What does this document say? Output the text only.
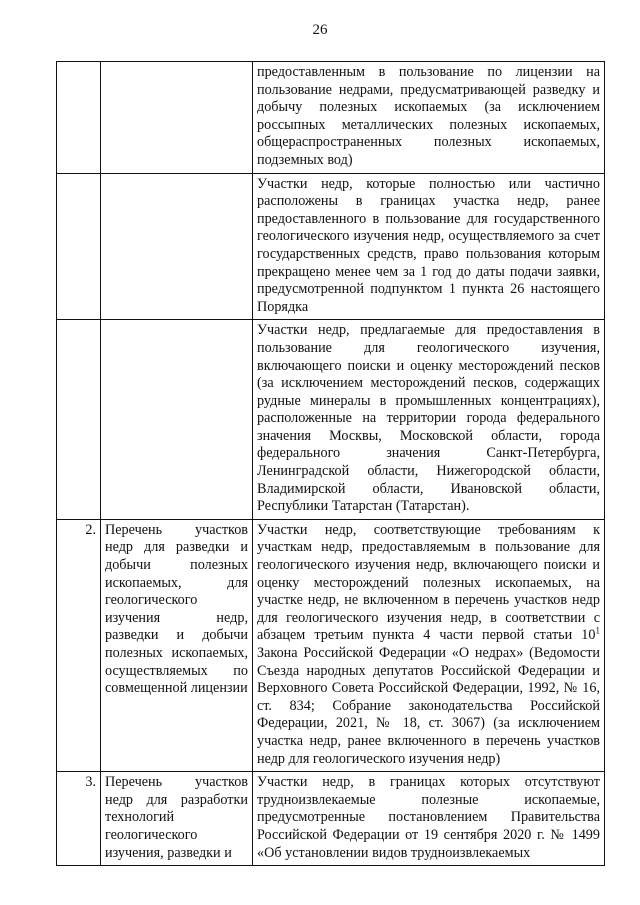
26
		предоставленным в пользование по лицензии на пользование недрами, предусматривающей разведку и добычу полезных ископаемых (за исключением россыпных металлических полезных ископаемых, общераспространенных полезных ископаемых, подземных вод)
		Участки недр, которые полностью или частично расположены в границах участка недр, ранее предоставленного в пользование для государственного геологического изучения недр, осуществляемого за счет государственных средств, право пользования которым прекращено менее чем за 1 год до даты подачи заявки, предусмотренной подпунктом 1 пункта 26 настоящего Порядка
		Участки недр, предлагаемые для предоставления в пользование для геологического изучения, включающего поиски и оценку месторождений песков (за исключением месторождений песков, содержащих рудные минералы в промышленных концентрациях), расположенные на территории города федерального значения Москвы, Московской области, города федерального значения Санкт-Петербурга, Ленинградской области, Нижегородской области, Владимирской области, Ивановской области, Республики Татарстан (Татарстан).
2.	Перечень участков недр для разведки и добычи полезных ископаемых, для геологического изучения недр, разведки и добычи полезных ископаемых, осуществляемых по совмещенной лицензии	Участки недр, соответствующие требованиям к участкам недр, предоставляемым в пользование для геологического изучения недр, включающего поиски и оценку месторождений полезных ископаемых, на участке недр, не включенном в перечень участков недр для геологического изучения недр, в соответствии с абзацем третьим пункта 4 части первой статьи $10^1$ Закона Российской Федерации «О недрах» (Ведомости Съезда народных депутатов Российской Федерации и Верховного Совета Российской Федерации, 1992, № 16, ст. 834; Собрание законодательства Российской Федерации, 2021, № 18, ст. 3067) (за исключением участка недр, ранее включенного в перечень участков недр для геологического изучения недр)
3.	Перечень участков недр для разработки технологий геологического изучения, разведки и	Участки недр, в границах которых отсутствуют трудноизвлекаемые полезные ископаемые, предусмотренные постановлением Правительства Российской Федерации от 19 сентября 2020 г. № 1499 «Об установлении видов трудноизвлекаемых
